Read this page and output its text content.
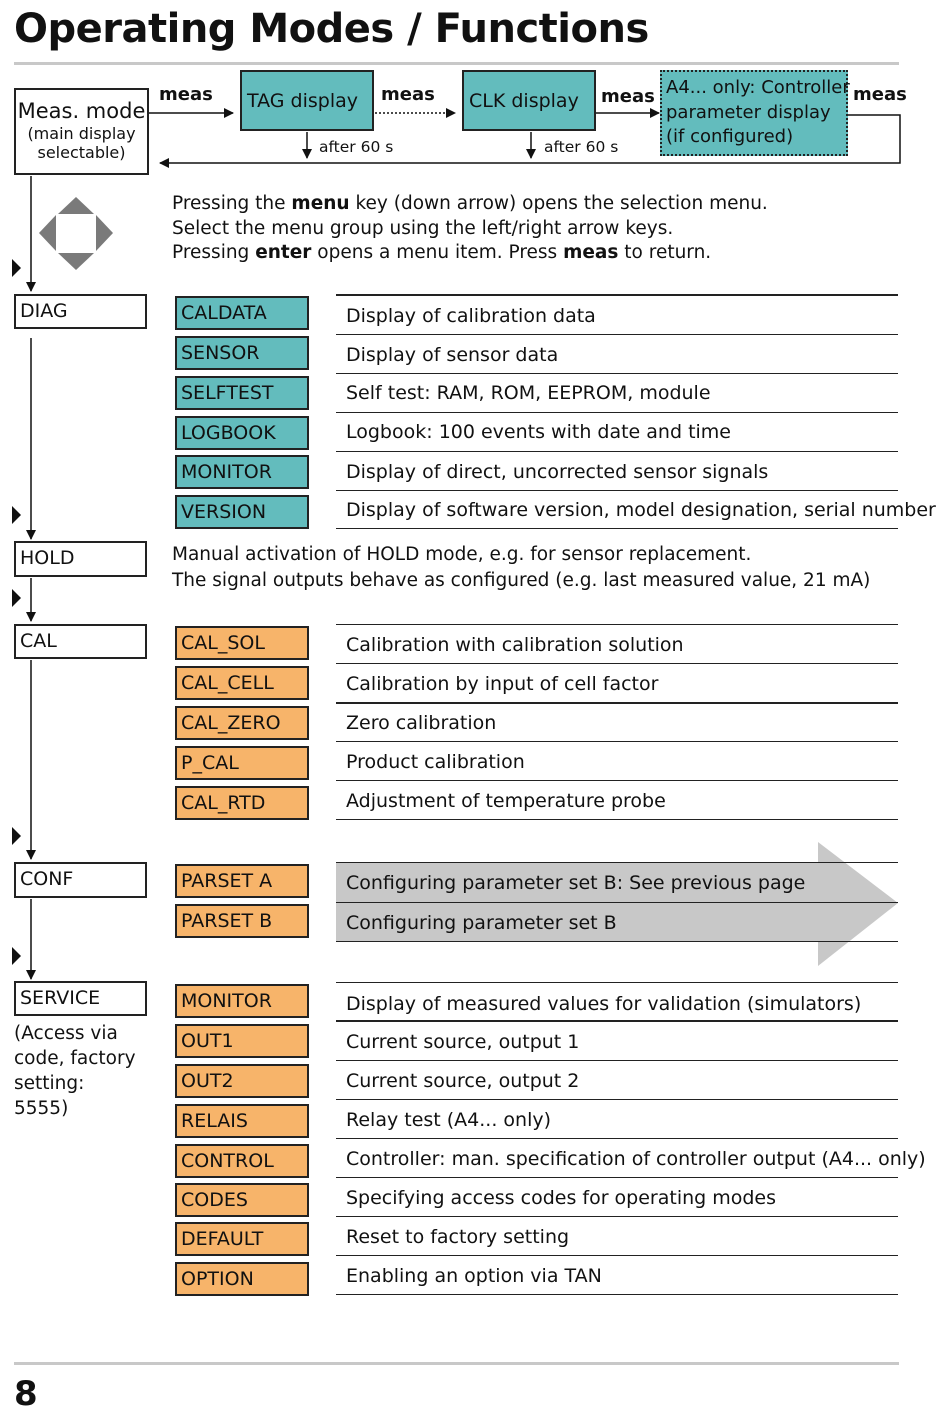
Operating Modes / Functions
Meas. mode
(main display
selectable)
TAG display	CLK display
A4... only: Controller
parameter display
(if configured)
meas	meas	meas	meas
after 60 s	after 60 s
Pressing the menu key (down arrow) opens the selection menu.
Select the menu group using the left/right arrow keys.
Pressing enter opens a menu item. Press meas to return.
DIAG
HOLD
CAL
CONF
SERVICE
(Access via
code, factory
setting:
5555)
Manual activation of HOLD mode, e.g. for sensor replacement.
The signal outputs behave as configured (e.g. last measured value, 21 mA)
CALDATA	Display of calibration data
SENSOR	Display of sensor data
SELFTEST	Self test: RAM, ROM, EEPROM, module
LOGBOOK	Logbook: 100 events with date and time
MONITOR	Display of direct, uncorrected sensor signals
VERSION	Display of software version, model designation, serial number
CAL_SOL	Calibration with calibration solution
CAL_CELL	Calibration by input of cell factor
CAL_ZERO	Zero calibration
P_CAL	Product calibration
CAL_RTD	Adjustment of temperature probe
PARSET A	Configuring parameter set B: See previous page
PARSET B	Configuring parameter set B
MONITOR	Display of measured values for validation (simulators)
OUT1	Current source, output 1
OUT2	Current source, output 2
RELAIS	Relay test (A4... only)
CONTROL	Controller: man. specification of controller output (A4... only)
CODES	Specifying access codes for operating modes
DEFAULT	Reset to factory setting
OPTION	Enabling an option via TAN
8
